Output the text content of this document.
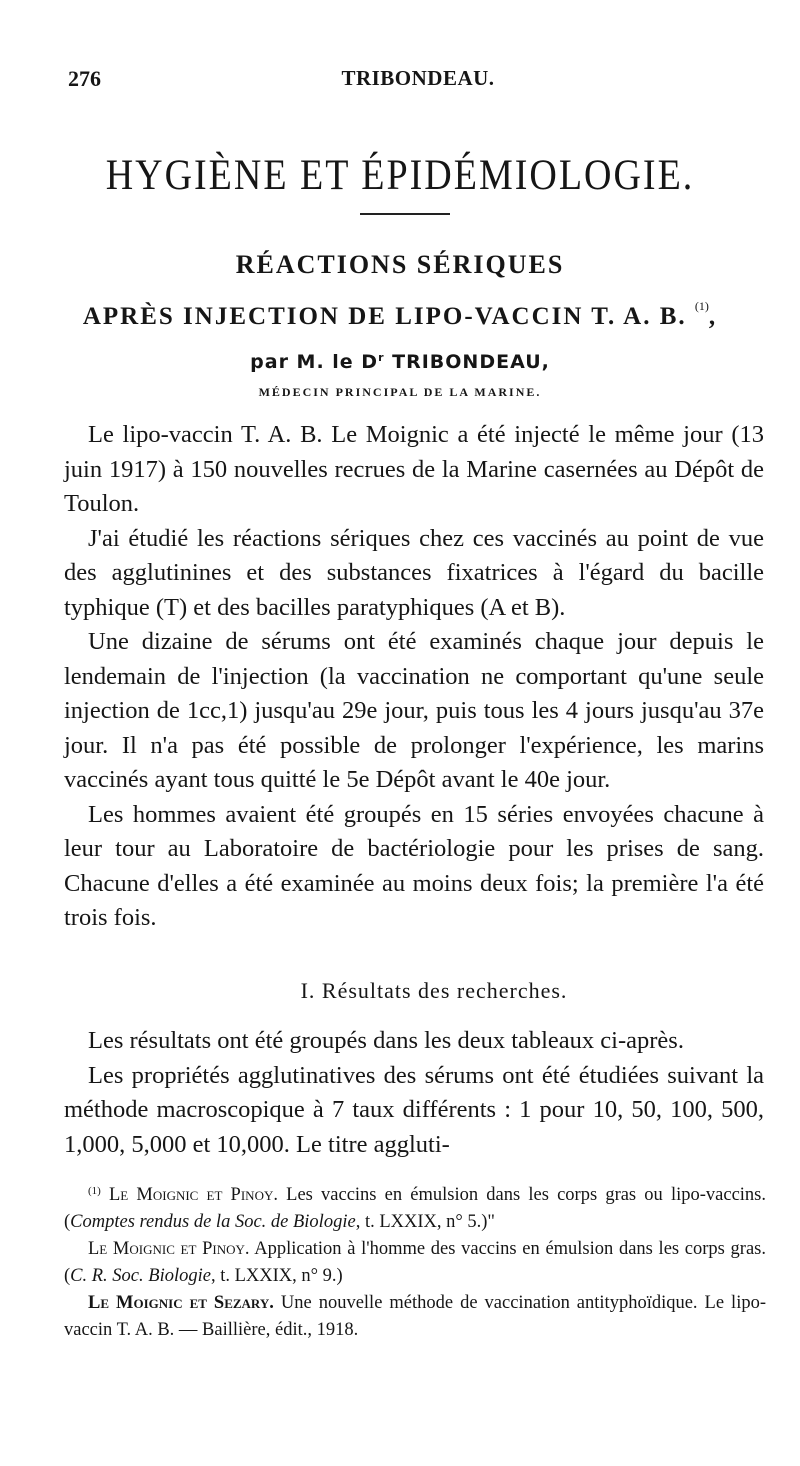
276	TRIBONDEAU.
HYGIÈNE ET ÉPIDÉMIOLOGIE.
RÉACTIONS SÉRIQUES
APRÈS INJECTION DE LIPO-VACCIN T. A. B. $^{(1)}$,
par M. le $D^r$ TRIBONDEAU,
MÉDECIN PRINCIPAL DE LA MARINE.

Le lipo-vaccin T. A. B. Le Moignic a été injecté le même jour (13 juin 1917) à 150 nouvelles recrues de la Marine casernées au Dépôt de Toulon.

J'ai étudié les réactions sériques chez ces vaccinés au point de vue des agglutinines et des substances fixatrices à l'égard du bacille typhique (T) et des bacilles paratyphiques (A et B).

Une dizaine de sérums ont été examinés chaque jour depuis le lendemain de l'injection (la vaccination ne comportant qu'une seule injection de 1cc,1) jusqu'au 29e jour, puis tous les 4 jours jusqu'au 37e jour. Il n'a pas été possible de prolonger l'expérience, les marins vaccinés ayant tous quitté le 5e Dépôt avant le 40e jour.

Les hommes avaient été groupés en 15 séries envoyées chacune à leur tour au Laboratoire de bactériologie pour les prises de sang. Chacune d'elles a été examinée au moins deux fois; la première l'a été trois fois.

I. Résultats des recherches.

Les résultats ont été groupés dans les deux tableaux ci-après.

Les propriétés agglutinatives des sérums ont été étudiées suivant la méthode macroscopique à 7 taux différents : 1 pour 10, 50, 100, 500, 1,000, 5,000 et 10,000. Le titre aggluti-

$^{(1)}$ Le Moignic et Pinoy. Les vaccins en émulsion dans les corps gras ou lipo-vaccins. (Comptes rendus de la Soc. de Biologie, t. LXXIX, n° 5.)"

Le Moignic et Pinoy. Application à l'homme des vaccins en émulsion dans les corps gras. (C. R. Soc. Biologie, t. LXXIX, n° 9.)

Le Moignic et Sezary. Une nouvelle méthode de vaccination antityphoïdique. Le lipo-vaccin T. A. B. — Baillière, édit., 1918.
